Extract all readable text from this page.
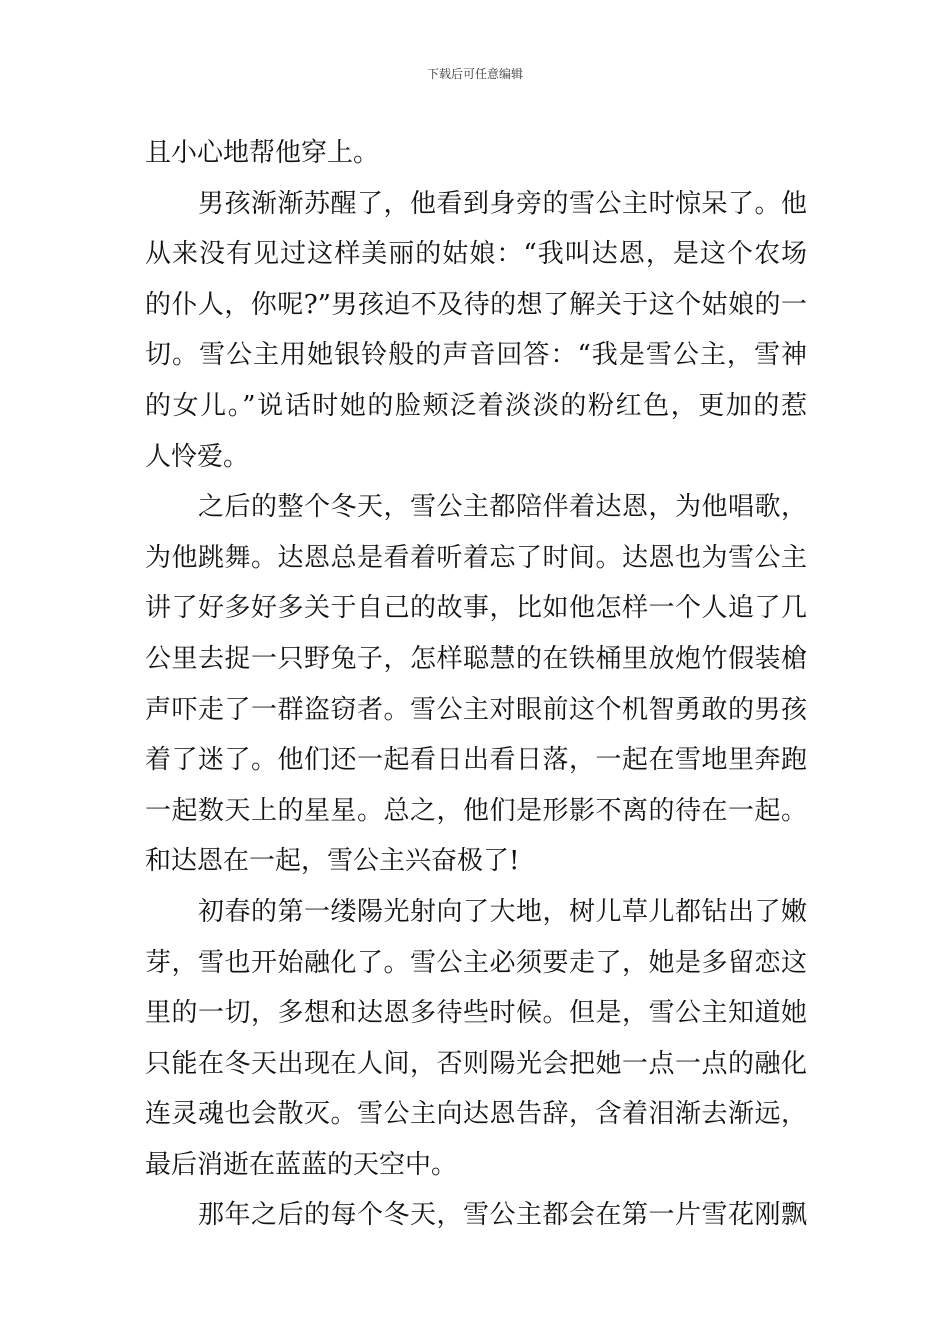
下载后可任意编辑
且小心地帮他穿上。
男孩渐渐苏醒了，他看到身旁的雪公主时惊呆了。他
从来没有见过这样美丽的姑娘：“我叫达恩，是这个农场
的仆人，你呢?”男孩迫不及待的想了解关于这个姑娘的一
切。雪公主用她银铃般的声音回答：“我是雪公主，雪神
的女儿。”说话时她的脸颊泛着淡淡的粉红色，更加的惹
人怜爱。
之后的整个冬天，雪公主都陪伴着达恩，为他唱歌，
为他跳舞。达恩总是看着听着忘了时间。达恩也为雪公主
讲了好多好多关于自己的故事，比如他怎样一个人追了几
公里去捉一只野兔子，怎样聪慧的在铁桶里放炮竹假装槍
声吓走了一群盗窃者。雪公主对眼前这个机智勇敢的男孩
着了迷了。他们还一起看日出看日落，一起在雪地里奔跑
一起数天上的星星。总之，他们是形影不离的待在一起。
和达恩在一起，雪公主兴奋极了!
初春的第一缕陽光射向了大地，树儿草儿都钻出了嫩
芽，雪也开始融化了。雪公主必须要走了，她是多留恋这
里的一切，多想和达恩多待些时候。但是，雪公主知道她
只能在冬天出现在人间，否则陽光会把她一点一点的融化
连灵魂也会散灭。雪公主向达恩告辞，含着泪渐去渐远，
最后消逝在蓝蓝的天空中。
那年之后的每个冬天，雪公主都会在第一片雪花刚飘
